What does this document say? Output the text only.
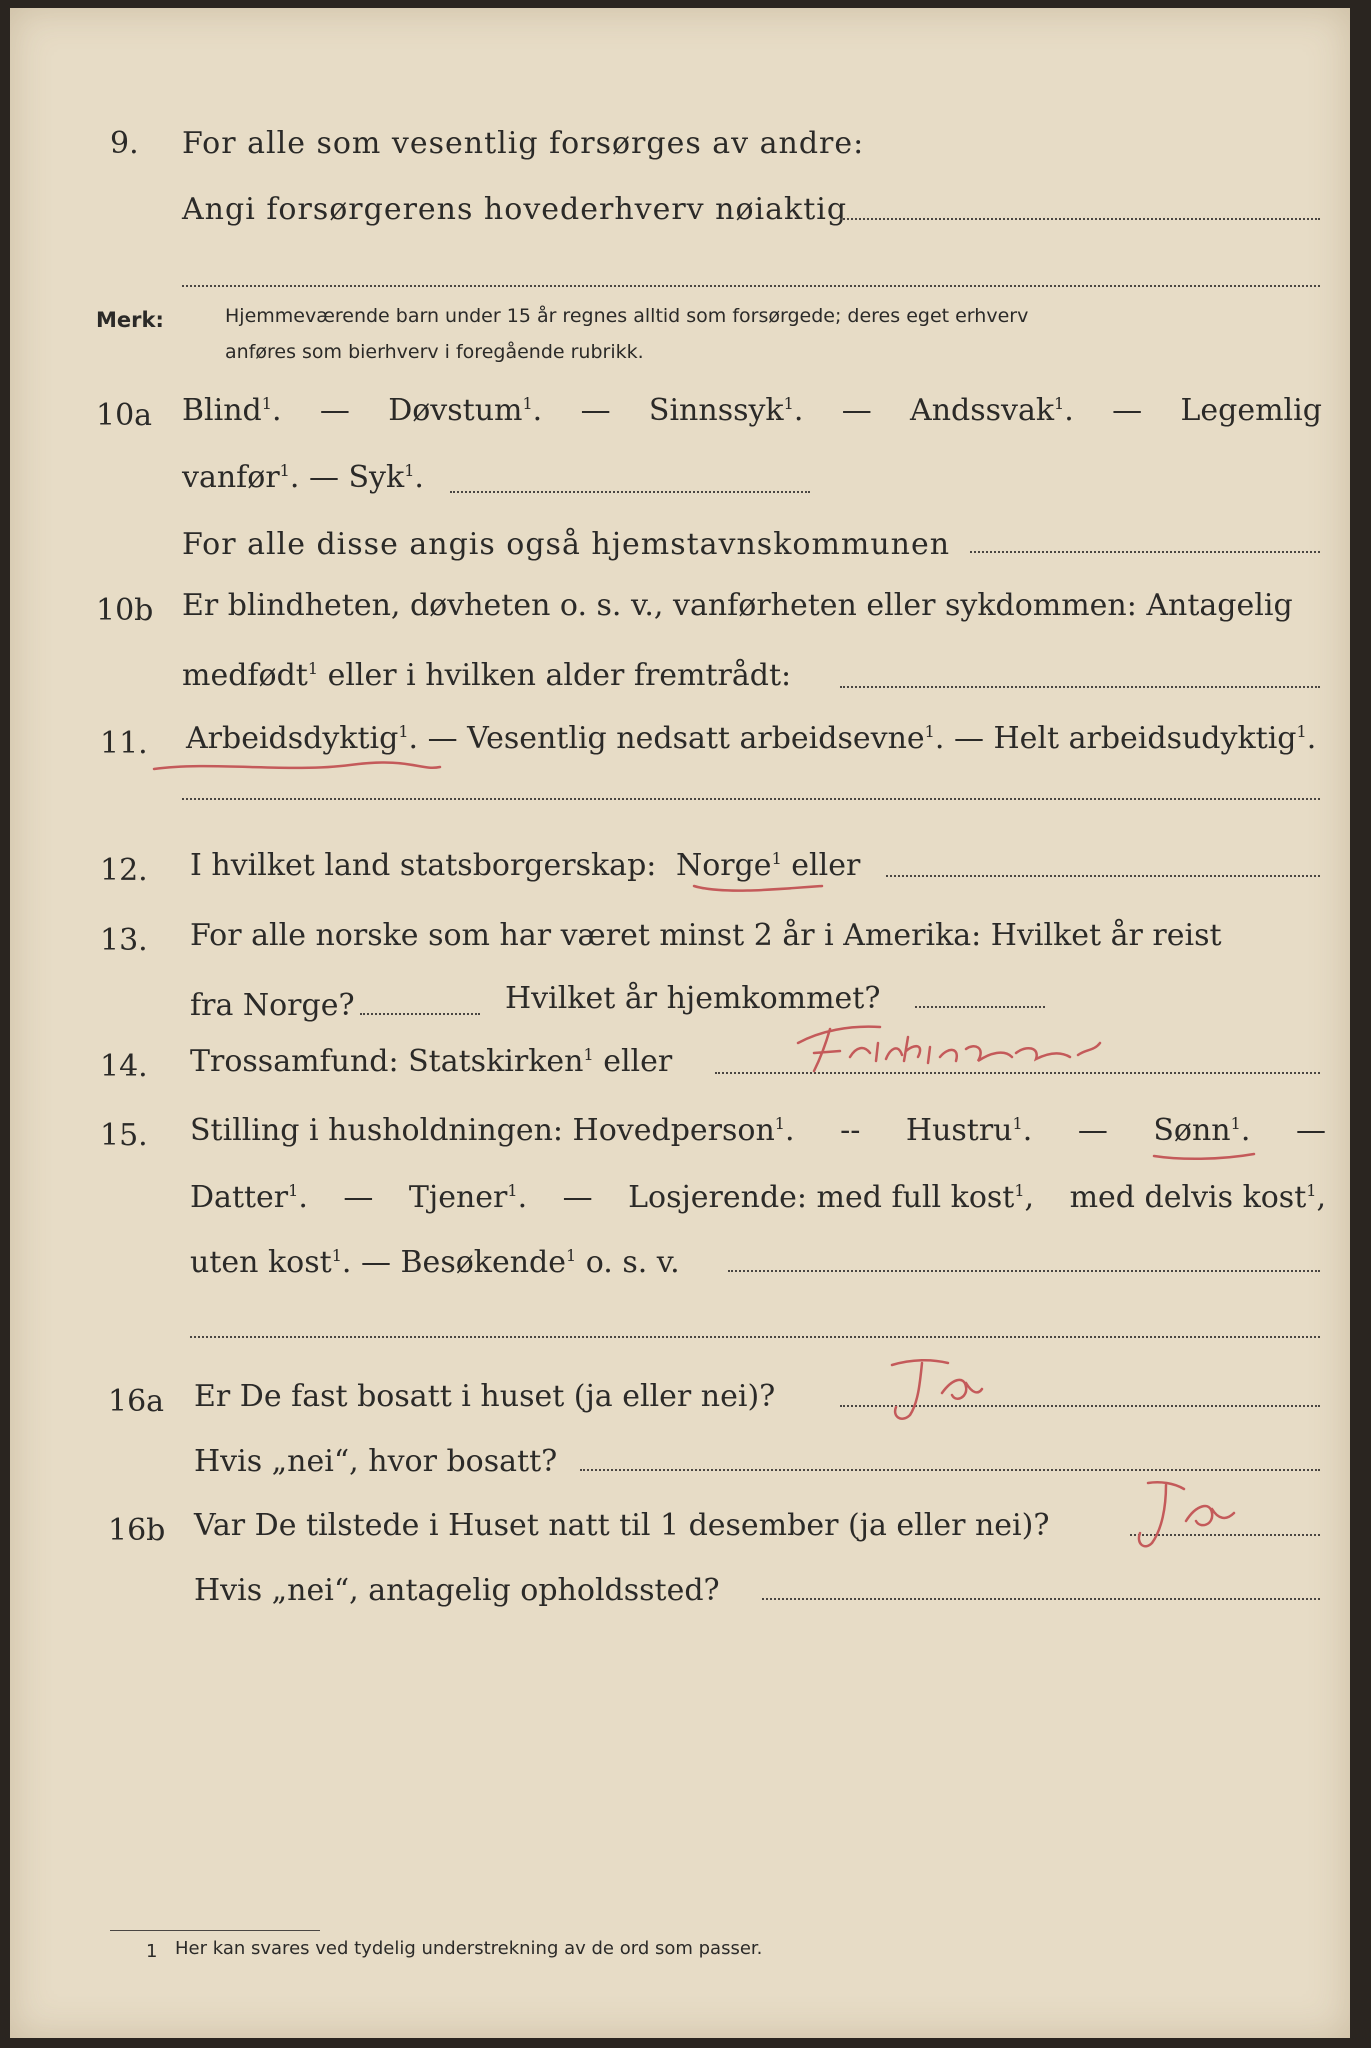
9. For alle som vesentlig forsørges av andre:
Angi forsørgerens hovederhverv nøiaktig
Merk:	Hjemmeværende barn under 15 år regnes alltid som forsørgede; deres eget erhverv
anføres som bierhverv i foregående rubrikk.
10a Blind$^1$. — Døvstum$^1$. — Sinnssyk$^1$. — Andssvak$^1$. — Legemlig
vanfør$^1$. — Syk$^1$.
For alle disse angis også hjemstavnskommunen
10b Er blindheten, døvheten o. s. v., vanførheten eller sykdommen: Antagelig
medfødt$^1$ eller i hvilken alder fremtrådt:
11. Arbeidsdyktig$^1$. — Vesentlig nedsatt arbeidsevne$^1$. — Helt arbeidsudyktig$^1$.
12. I hvilket land statsborgerskap: Norge$^1$ eller
13. For alle norske som har været minst 2 år i Amerika: Hvilket år reist
fra Norge?	Hvilket år hjemkommet?
14. Trossamfund: Statskirken$^1$ eller
15. Stilling i husholdningen: Hovedperson$^1$. -- Hustru$^1$. — Sønn$^1$. —
Datter$^1$. — Tjener$^1$. — Losjerende: med full kost$^1$, med delvis kost$^1$,
uten kost$^1$. — Besøkende$^1$ o. s. v.
16a Er De fast bosatt i huset (ja eller nei)?
Hvis „nei“, hvor bosatt?
16b Var De tilstede i Huset natt til 1 desember (ja eller nei)?
Hvis „nei“, antagelig opholdssted?
1 Her kan svares ved tydelig understrekning av de ord som passer.
